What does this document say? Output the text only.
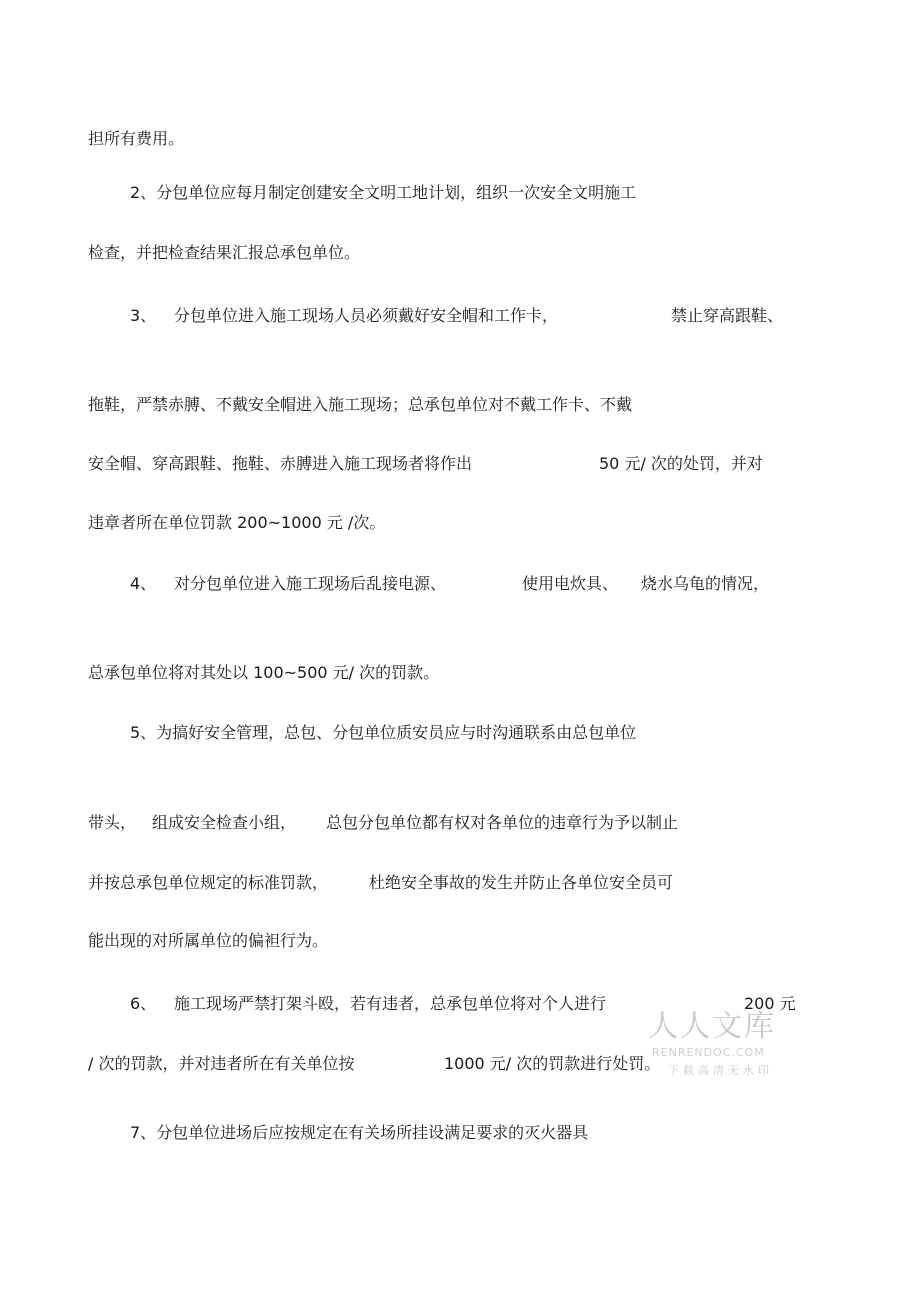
担所有费用。
2、分包单位应每月制定创建安全文明工地计划，组织一次安全文明施工
检查，并把检查结果汇报总承包单位。
3、 分包单位进入施工现场人员必须戴好安全帽和工作卡，	禁止穿高跟鞋、
拖鞋，严禁赤膊、不戴安全帽进入施工现场；总承包单位对不戴工作卡、不戴
安全帽、穿高跟鞋、拖鞋、赤膊进入施工现场者将作出	50 元/ 次的处罚，并对
违章者所在单位罚款 200~1000 元 /次。
4、 对分包单位进入施工现场后乱接电源、	使用电炊具、 烧水乌龟的情况，
总承包单位将对其处以 100~500 元/ 次的罚款。
5、为搞好安全管理，总包、分包单位质安员应与时沟通联系由总包单位
带头， 组成安全检查小组， 总包分包单位都有权对各单位的违章行为予以制止
并按总承包单位规定的标准罚款，	杜绝安全事故的发生并防止各单位安全员可
能出现的对所属单位的偏袒行为。
6、 施工现场严禁打架斗殴，若有违者，总承包单位将对个人进行	200 元
/ 次的罚款，并对违者所在有关单位按	1000 元/ 次的罚款进行处罚。
7、分包单位进场后应按规定在有关场所挂设满足要求的灭火器具
人人文库
RENRENDOC.COM
下载高清无水印
